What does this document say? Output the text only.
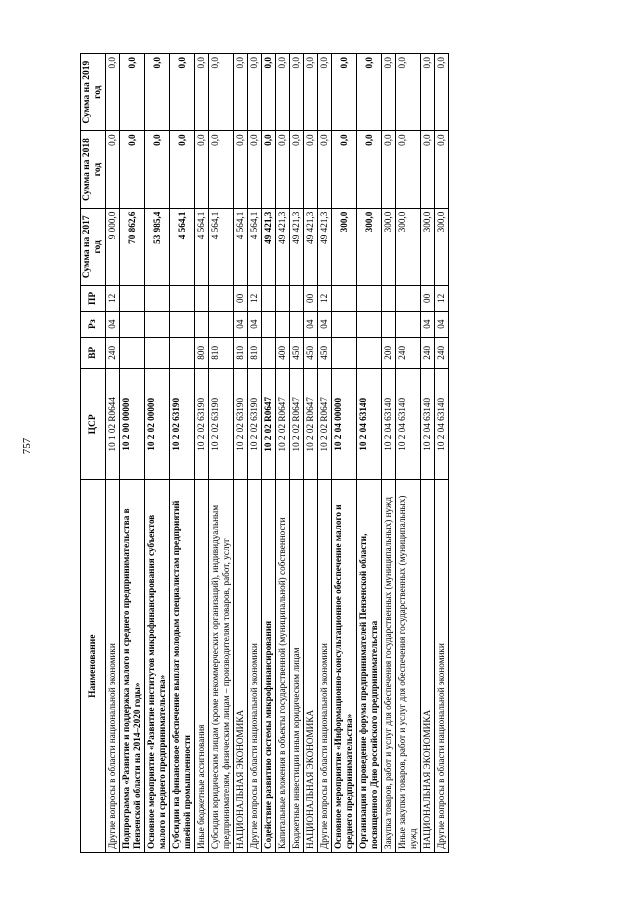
757
Наименование	ЦСР	ВР	Рз	ПР	Сумма на 2017 год	Сумма на 2018 год	Сумма на 2019 год
Другие вопросы в области национальной экономики	10 1 02 R0644	240	04	12	9 000,0	0,0	0,0
Подпрограмма «Развитие и поддержка малого и среднего предпринимательства в Пензенской области на 2014–2020 годы»	10 2 00 00000				70 862,6	0,0	0,0
Основное мероприятие «Развитие институтов микрофинансирования субъектов малого и среднего предпринимательства»	10 2 02 00000				53 985,4	0,0	0,0
Субсидии на финансовое обеспечение выплат молодым специалистам предприятий швейной промышленности	10 2 02 63190				4 564,1	0,0	0,0
Иные бюджетные ассигнования	10 2 02 63190	800			4 564,1	0,0	0,0
Субсидии юридическим лицам (кроме некоммерческих организаций), индивидуальным предпринимателям, физическим лицам – производителям товаров, работ, услуг	10 2 02 63190	810			4 564,1	0,0	0,0
НАЦИОНАЛЬНАЯ ЭКОНОМИКА	10 2 02 63190	810	04	00	4 564,1	0,0	0,0
Другие вопросы в области национальной экономики	10 2 02 63190	810	04	12	4 564,1	0,0	0,0
Содействие развитию системы микрофинансирования	10 2 02 R0647				49 421,3	0,0	0,0
Капитальные вложения в объекты государственной (муниципальной) собственности	10 2 02 R0647	400			49 421,3	0,0	0,0
Бюджетные инвестиции иным юридическим лицам	10 2 02 R0647	450			49 421,3	0,0	0,0
НАЦИОНАЛЬНАЯ ЭКОНОМИКА	10 2 02 R0647	450	04	00	49 421,3	0,0	0,0
Другие вопросы в области национальной экономики	10 2 02 R0647	450	04	12	49 421,3	0,0	0,0
Основное мероприятие «Информационно-консультационное обеспечение малого и среднего предпринимательства»	10 2 04 00000				300,0	0,0	0,0
Организация и проведение форума предпринимателей Пензенской области, посвященного Дню российского предпринимательства	10 2 04 63140				300,0	0,0	0,0
Закупка товаров, работ и услуг для обеспечения государственных (муниципальных) нужд	10 2 04 63140	200			300,0	0,0	0,0
Иные закупки товаров, работ и услуг для обеспечения государственных (муниципальных) нужд	10 2 04 63140	240			300,0	0,0	0,0
НАЦИОНАЛЬНАЯ ЭКОНОМИКА	10 2 04 63140	240	04	00	300,0	0,0	0,0
Другие вопросы в области национальной экономики	10 2 04 63140	240	04	12	300,0	0,0	0,0
